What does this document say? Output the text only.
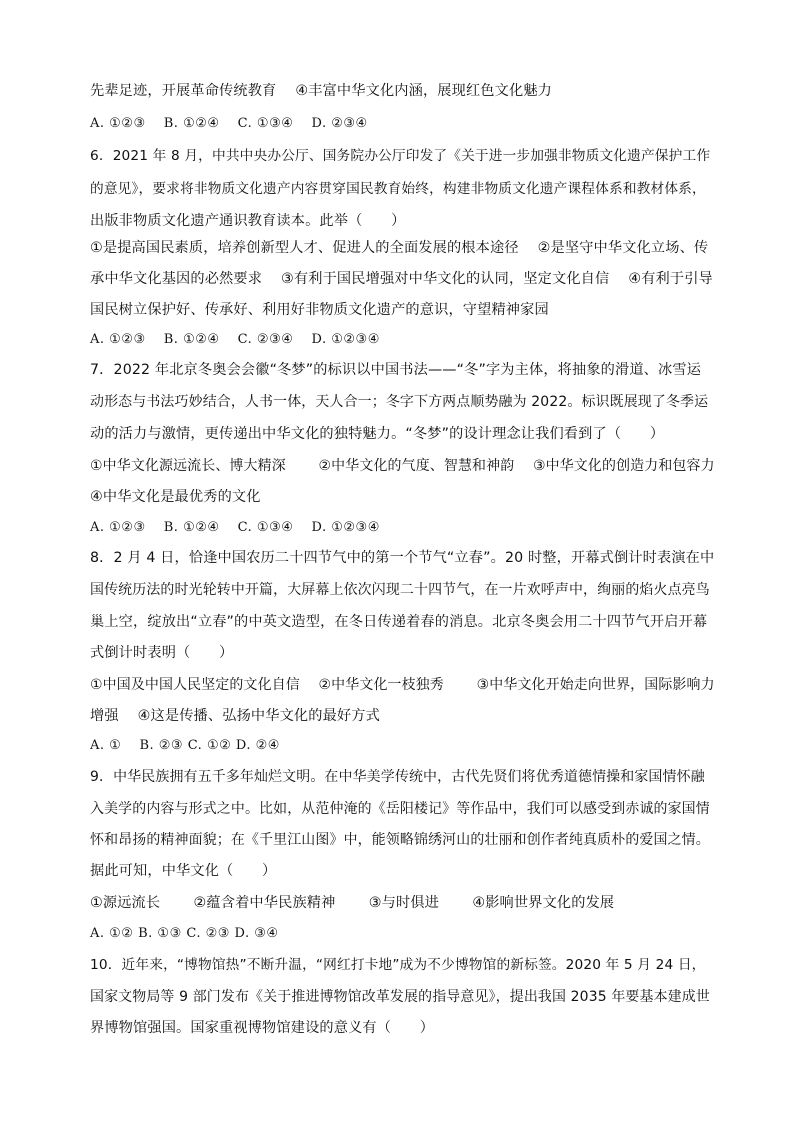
先辈足迹，开展革命传统教育　 ④丰富中华文化内涵，展现红色文化魅力
A. ①②③　 B. ①②④　 C. ①③④　 D. ②③④
6．2021 年 8 月，中共中央办公厅、国务院办公厅印发了《关于进一步加强非物质文化遗产保护工作
的意见》，要求将非物质文化遗产内容贯穿国民教育始终，构建非物质文化遗产课程体系和教材体系，
出版非物质文化遗产通识教育读本。此举（　　）
①是提高国民素质，培养创新型人才、促进人的全面发展的根本途径　 ②是坚守中华文化立场、传
承中华文化基因的必然要求　 ③有利于国民增强对中华文化的认同，坚定文化自信　 ④有利于引导
国民树立保护好、传承好、利用好非物质文化遗产的意识，守望精神家园
A. ①②③　 B. ①②④　 C. ②③④　 D. ①②③④
7．2022 年北京冬奥会会徽“冬梦”的标识以中国书法——“冬”字为主体，将抽象的滑道、冰雪运
动形态与书法巧妙结合，人书一体，天人合一；冬字下方两点顺势融为 2022。标识既展现了冬季运
动的活力与激情，更传递出中华文化的独特魅力。“冬梦”的设计理念让我们看到了（　　）
①中华文化源远流长、博大精深　　 ②中华文化的气度、智慧和神韵　 ③中华文化的创造力和包容力
④中华文化是最优秀的文化
A. ①②③　 B. ①②④　 C. ①③④　 D. ①②③④
8．2 月 4 日，恰逢中国农历二十四节气中的第一个节气“立春”。20 时整，开幕式倒计时表演在中
国传统历法的时光轮转中开篇，大屏幕上依次闪现二十四节气，在一片欢呼声中，绚丽的焰火点亮鸟
巢上空，绽放出“立春”的中英文造型，在冬日传递着春的消息。北京冬奥会用二十四节气开启开幕
式倒计时表明（　　）
①中国及中国人民坚定的文化自信　 ②中华文化一枝独秀　　 ③中华文化开始走向世界，国际影响力
增强　 ④这是传播、弘扬中华文化的最好方式
A. ①　 B. ②③ C. ①② D. ②④
9．中华民族拥有五千多年灿烂文明。在中华美学传统中，古代先贤们将优秀道德情操和家国情怀融
入美学的内容与形式之中。比如，从范仲淹的《岳阳楼记》等作品中，我们可以感受到赤诚的家国情
怀和昂扬的精神面貌；在《千里江山图》中，能领略锦绣河山的壮丽和创作者纯真质朴的爱国之情。
据此可知，中华文化（　　）
①源远流长　　 ②蕴含着中华民族精神　　 ③与时俱进　　 ④影响世界文化的发展
A. ①② B. ①③ C. ②③ D. ③④
10．近年来，“博物馆热”不断升温，“网红打卡地”成为不少博物馆的新标签。2020 年 5 月 24 日，
国家文物局等 9 部门发布《关于推进博物馆改革发展的指导意见》，提出我国 2035 年要基本建成世
界博物馆强国。国家重视博物馆建设的意义有（　　）
